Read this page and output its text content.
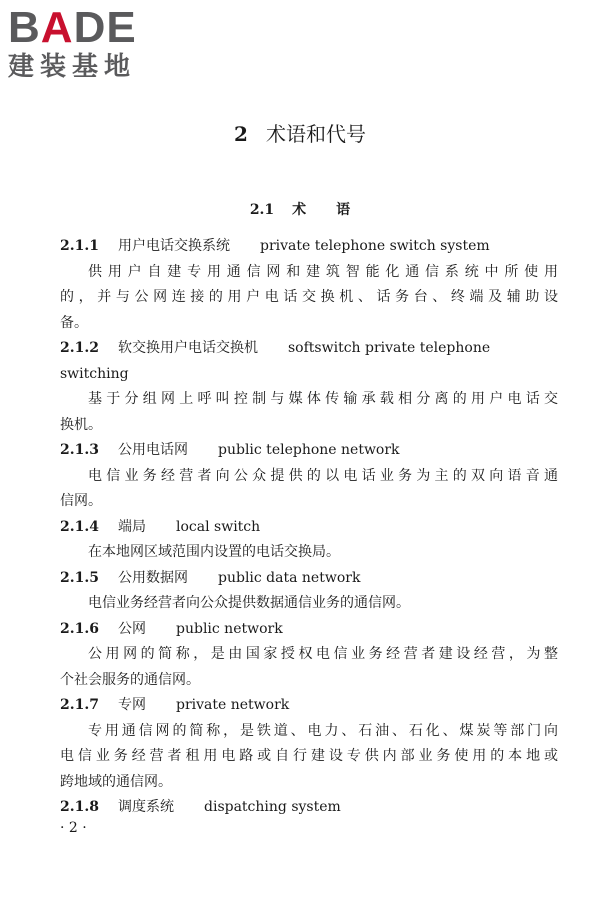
BADE
建装基地
2 术语和代号
2.1 术 语
2.1.1 用户电话交换系统 private telephone switch system
供用户自建专用通信网和建筑智能化通信系统中所使用
的，并与公网连接的用户电话交换机、话务台、终端及辅助设
备。
2.1.2 软交换用户电话交换机 softswitch private telephone
switching
基于分组网上呼叫控制与媒体传输承载相分离的用户电话交
换机。
2.1.3 公用电话网 public telephone network
电信业务经营者向公众提供的以电话业务为主的双向语音通
信网。
2.1.4 端局 local switch
在本地网区域范围内设置的电话交换局。
2.1.5 公用数据网 public data network
电信业务经营者向公众提供数据通信业务的通信网。
2.1.6 公网 public network
公用网的简称，是由国家授权电信业务经营者建设经营，为整
个社会服务的通信网。
2.1.7 专网 private network
专用通信网的简称，是铁道、电力、石油、石化、煤炭等部门向
电信业务经营者租用电路或自行建设专供内部业务使用的本地或
跨地域的通信网。
2.1.8 调度系统 dispatching system
· 2 ·
